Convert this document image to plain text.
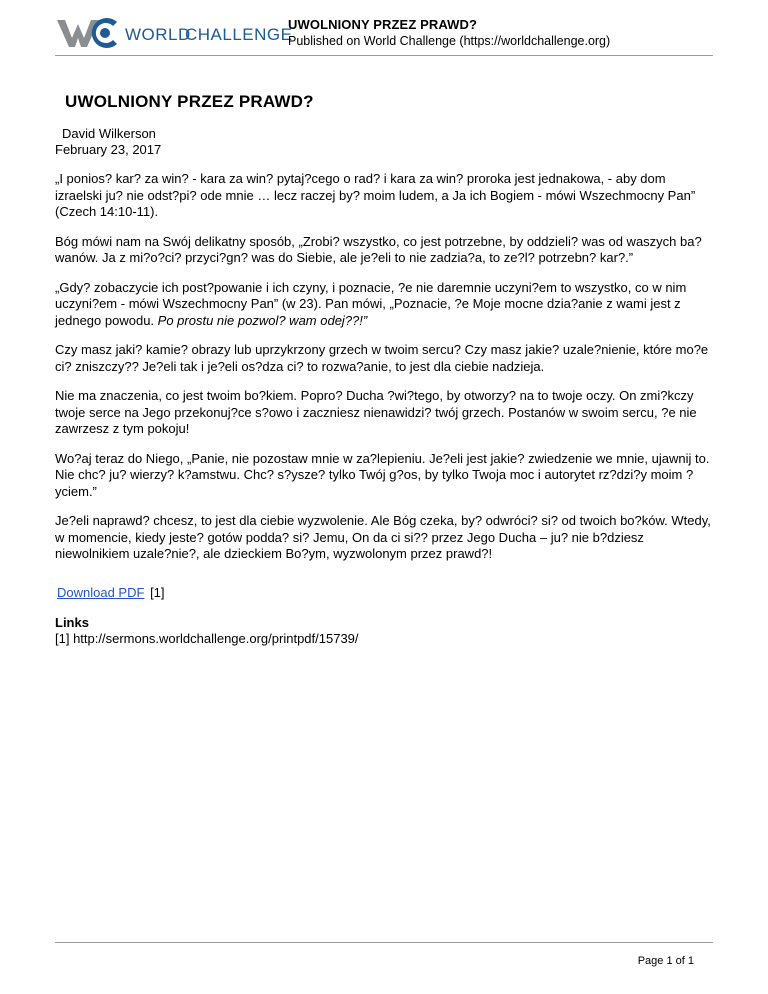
WORLD
CHALLENGE
UWOLNIONY PRZEZ PRAWD?
Published on World Challenge (https://worldchallenge.org)
UWOLNIONY PRZEZ PRAWD?
David Wilkerson
February 23, 2017

„I ponios? kar? za win? - kara za win? pytaj?cego o rad? i kara za win? proroka jest jednakowa, - aby dom izraelski ju? nie odst?pi? ode mnie … lecz raczej by? moim ludem, a Ja ich Bogiem - mówi Wszechmocny Pan” (Czech 14:10-11).

Bóg mówi nam na Swój delikatny sposób, „Zrobi? wszystko, co jest potrzebne, by oddzieli? was od waszych ba?wanów. Ja z mi?o?ci? przyci?gn? was do Siebie, ale je?eli to nie zadzia?a, to ze?l? potrzebn? kar?.”

„Gdy? zobaczycie ich post?powanie i ich czyny, i poznacie, ?e nie daremnie uczyni?em to wszystko, co w nim uczyni?em - mówi Wszechmocny Pan” (w 23). Pan mówi, „Poznacie, ?e Moje mocne dzia?anie z wami jest z jednego powodu. Po prostu nie pozwol? wam odej??!”

Czy masz jaki? kamie? obrazy lub uprzykrzony grzech w twoim sercu? Czy masz jakie? uzale?nienie, które mo?e ci? zniszczy?? Je?eli tak i je?eli os?dza ci? to rozwa?anie, to jest dla ciebie nadzieja.

Nie ma znaczenia, co jest twoim bo?kiem. Popro? Ducha ?wi?tego, by otworzy? na to twoje oczy. On zmi?kczy twoje serce na Jego przekonuj?ce s?owo i zaczniesz nienawidzi? twój grzech. Postanów w swoim sercu, ?e nie zawrzesz z tym pokoju!

Wo?aj teraz do Niego, „Panie, nie pozostaw mnie w za?lepieniu. Je?eli jest jakie? zwiedzenie we mnie, ujawnij to. Nie chc? ju? wierzy? k?amstwu. Chc? s?ysze? tylko Twój g?os, by tylko Twoja moc i autorytet rz?dzi?y moim ?yciem.”

Je?eli naprawd? chcesz, to jest dla ciebie wyzwolenie. Ale Bóg czeka, by? odwróci? si? od twoich bo?ków. Wtedy, w momencie, kiedy jeste? gotów podda? si? Jemu, On da ci si?? przez Jego Ducha – ju? nie b?dziesz niewolnikiem uzale?nie?, ale dzieckiem Bo?ym, wyzwolonym przez prawd?!

Download PDF [1]
Links
[1] http://sermons.worldchallenge.org/printpdf/15739/
Page 1 of 1
